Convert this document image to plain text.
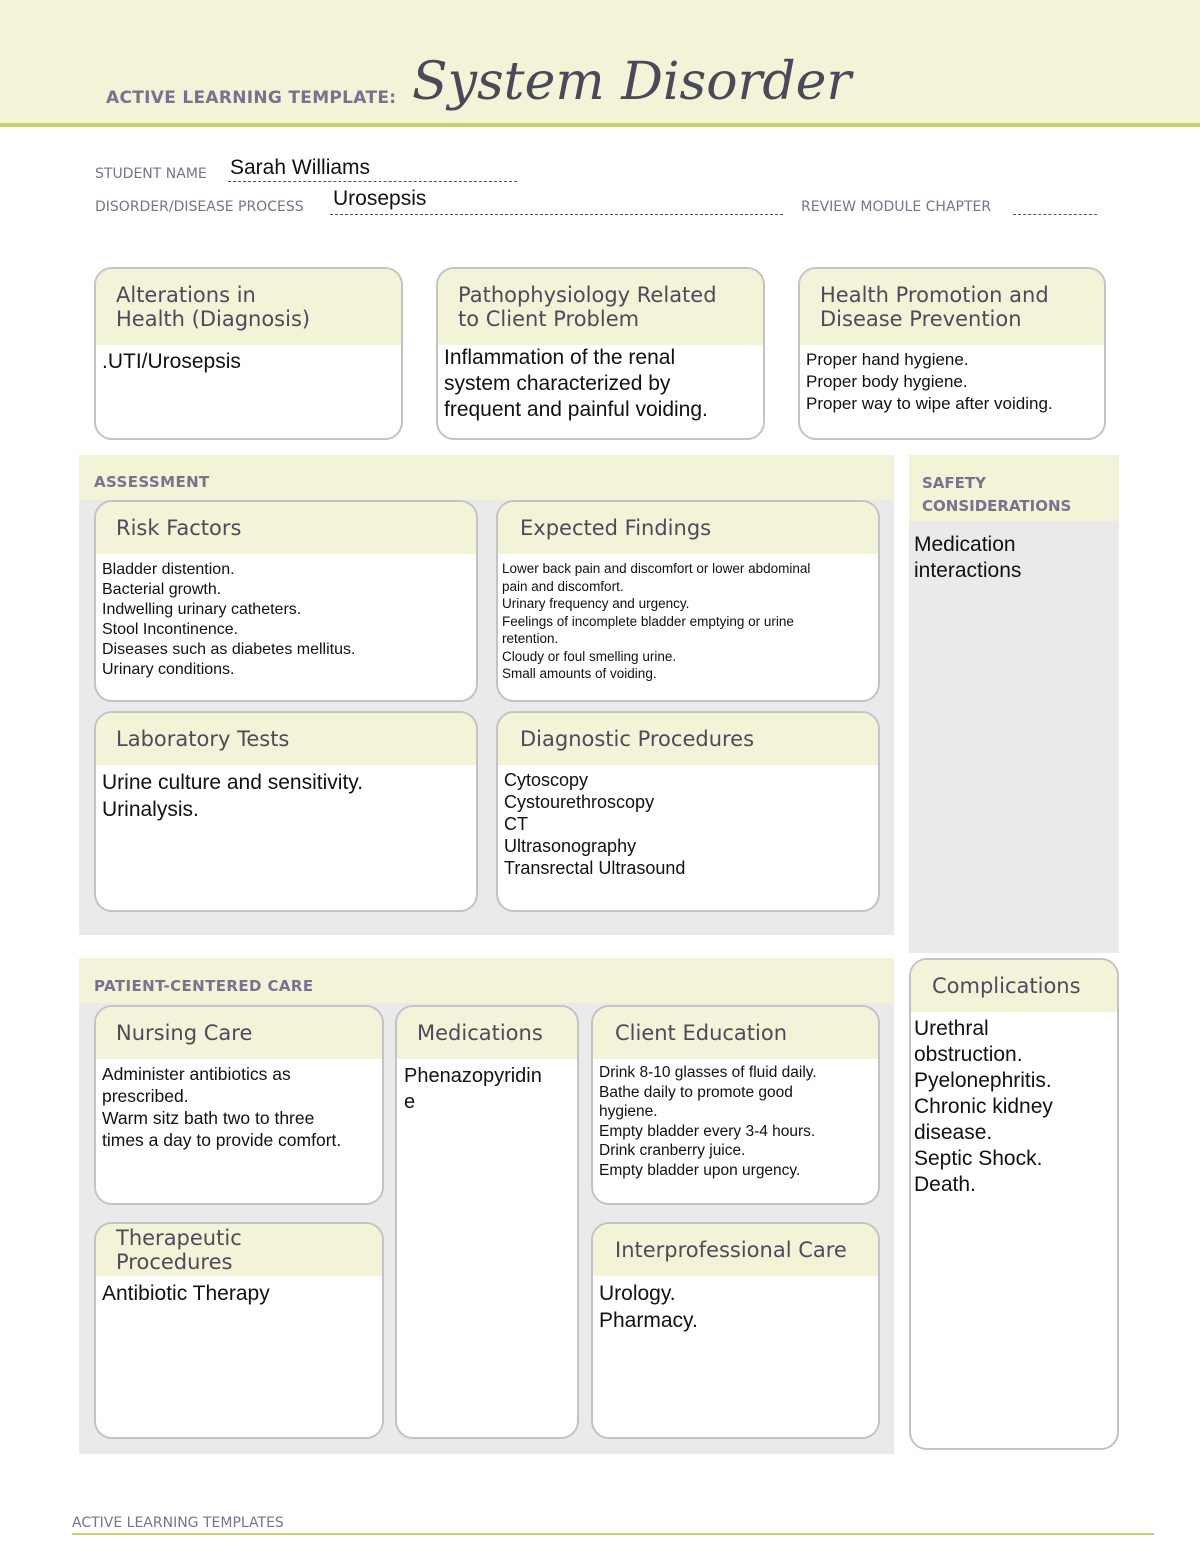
ACTIVE LEARNING TEMPLATE: System Disorder
STUDENT NAME Sarah Williams
DISORDER/DISEASE PROCESS Urosepsis	REVIEW MODULE CHAPTER
Alterations in
Health (Diagnosis)
.UTI/Urosepsis
Pathophysiology Related
to Client Problem
Inflammation of the renal
system characterized by
frequent and painful voiding.
Health Promotion and
Disease Prevention
Proper hand hygiene.
Proper body hygiene.
Proper way to wipe after voiding.
ASSESSMENT
Risk Factors
Bladder distention.
Bacterial growth.
Indwelling urinary catheters.
Stool Incontinence.
Diseases such as diabetes mellitus.
Urinary conditions.
Expected Findings
Lower back pain and discomfort or lower abdominal
pain and discomfort.
Urinary frequency and urgency.
Feelings of incomplete bladder emptying or urine
retention.
Cloudy or foul smelling urine.
Small amounts of voiding.
Laboratory Tests
Urine culture and sensitivity.
Urinalysis.
Diagnostic Procedures
Cytoscopy
Cystourethroscopy
CT
Ultrasonography
Transrectal Ultrasound
SAFETY
CONSIDERATIONS
Medication
interactions
PATIENT-CENTERED CARE
Nursing Care
Administer antibiotics as
prescribed.
Warm sitz bath two to three
times a day to provide comfort.
Medications
Phenazopyridin
e
Client Education
Drink 8-10 glasses of fluid daily.
Bathe daily to promote good
hygiene.
Empty bladder every 3-4 hours.
Drink cranberry juice.
Empty bladder upon urgency.
Therapeutic Procedures
Antibiotic Therapy
Interprofessional Care
Urology.
Pharmacy.
Complications
Urethral
obstruction.
Pyelonephritis.
Chronic kidney
disease.
Septic Shock.
Death.
ACTIVE LEARNING TEMPLATES
